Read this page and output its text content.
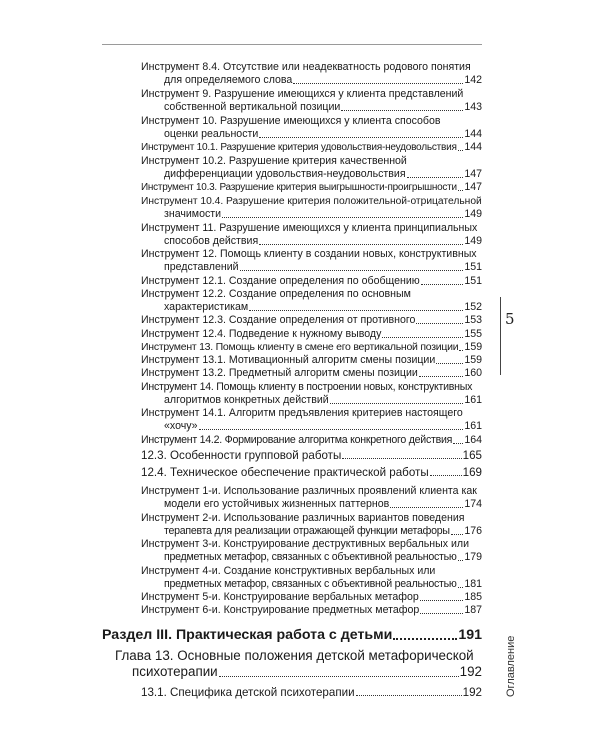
5
Оглавление
Инструмент 8.4. Отсутствие или неадекватность родового понятия
для определяемого слова	142
Инструмент 9. Разрушение имеющихся у клиента представлений
собственной вертикальной позиции	143
Инструмент 10. Разрушение имеющихся у клиента способов
оценки реальности	144
Инструмент 10.1. Разрушение критерия удовольствия-неудовольствия 144
Инструмент 10.2. Разрушение критерия качественной
дифференциации удовольствия-неудовольствия	147
Инструмент 10.3. Разрушение критерия выигрышности-проигрышности 147
Инструмент 10.4. Разрушение критерия положительной-отрицательной
значимости	149
Инструмент 11. Разрушение имеющихся у клиента принципиальных
способов действия	149
Инструмент 12. Помощь клиенту в создании новых, конструктивных
представлений	151
Инструмент 12.1. Создание определения по обобщению	151
Инструмент 12.2. Создание определения по основным
характеристикам	152
Инструмент 12.3. Создание определения от противного	153
Инструмент 12.4. Подведение к нужному выводу	155
Инструмент 13. Помощь клиенту в смене его вертикальной позиции 159
Инструмент 13.1. Мотивационный алгоритм смены позиции	159
Инструмент 13.2. Предметный алгоритм смены позиции	160
Инструмент 14. Помощь клиенту в построении новых, конструктивных
алгоритмов конкретных действий	161
Инструмент 14.1. Алгоритм предъявления критериев настоящего
«хочу»	161
Инструмент 14.2. Формирование алгоритма конкретного действия 164
12.3. Особенности групповой работы	165
12.4. Техническое обеспечение практической работы	169
Инструмент 1-и. Использование различных проявлений клиента как
модели его устойчивых жизненных паттернов	174
Инструмент 2-и. Использование различных вариантов поведения
терапевта для реализации отражающей функции метафоры 176
Инструмент 3-и. Конструирование деструктивных вербальных или
предметных метафор, связанных с объективной реальностью 179
Инструмент 4-и. Создание конструктивных вербальных или
предметных метафор, связанных с объективной реальностью 181
Инструмент 5-и. Конструирование вербальных метафор	185
Инструмент 6-и. Конструирование предметных метафор	187
Раздел III. Практическая работа с детьми	191
Глава 13. Основные положения детской метафорической
психотерапии	192
13.1. Специфика детской психотерапии	192
